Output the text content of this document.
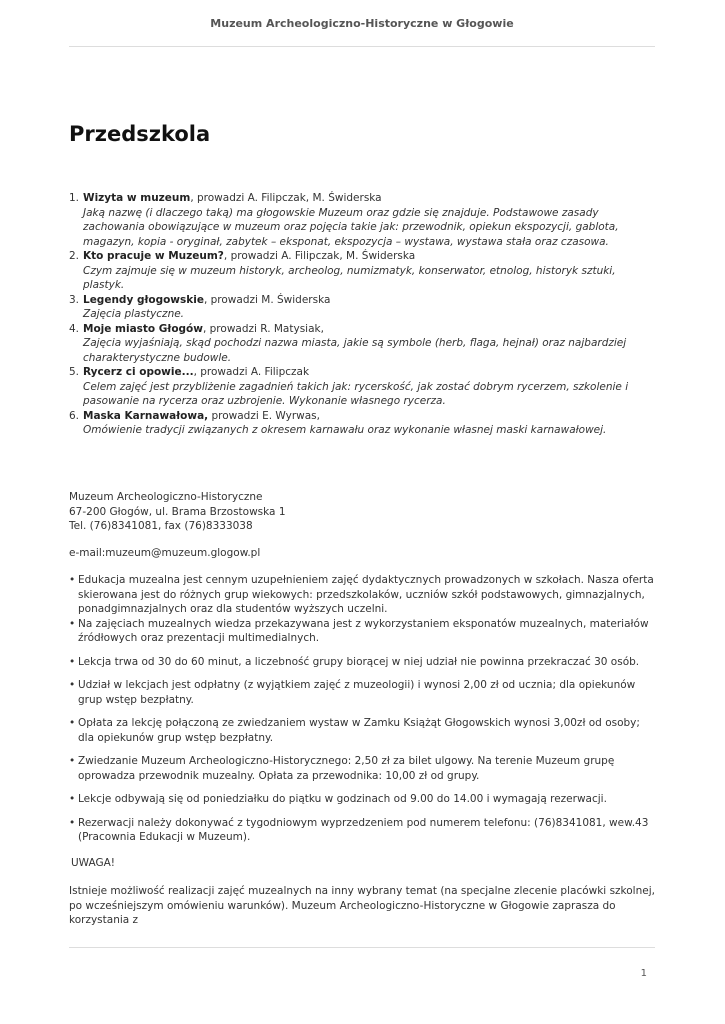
Muzeum Archeologiczno-Historyczne w Głogowie
Przedszkola
1. Wizyta w muzeum, prowadzi A. Filipczak, M. Świderska
Jaką nazwę (i dlaczego taką) ma głogowskie Muzeum oraz gdzie się znajduje. Podstawowe zasady zachowania obowiązujące w muzeum oraz pojęcia takie jak: przewodnik, opiekun ekspozycji, gablota, magazyn, kopia - oryginał, zabytek – eksponat, ekspozycja – wystawa, wystawa stała oraz czasowa.
2. Kto pracuje w Muzeum?, prowadzi A. Filipczak, M. Świderska
Czym zajmuje się w muzeum historyk, archeolog, numizmatyk, konserwator, etnolog, historyk sztuki, plastyk.
3. Legendy głogowskie, prowadzi M. Świderska
Zajęcia plastyczne.
4. Moje miasto Głogów, prowadzi R. Matysiak,
Zajęcia wyjaśniają, skąd pochodzi nazwa miasta, jakie są symbole (herb, flaga, hejnał) oraz najbardziej charakterystyczne budowle.
5. Rycerz ci opowie..., prowadzi A. Filipczak
Celem zajęć jest przybliżenie zagadnień takich jak: rycerskość, jak zostać dobrym rycerzem, szkolenie i pasowanie na rycerza oraz uzbrojenie. Wykonanie własnego rycerza.
6. Maska Karnawałowa, prowadzi E. Wyrwas,
Omówienie tradycji związanych z okresem karnawału oraz wykonanie własnej maski karnawałowej.
Muzeum Archeologiczno-Historyczne
67-200 Głogów, ul. Brama Brzostowska 1
Tel. (76)8341081, fax (76)8333038
e-mail:muzeum@muzeum.glogow.pl
• Edukacja muzealna jest cennym uzupełnieniem zajęć dydaktycznych prowadzonych w szkołach. Nasza oferta skierowana jest do różnych grup wiekowych: przedszkolaków, uczniów szkół podstawowych, gimnazjalnych, ponadgimnazjalnych oraz dla studentów wyższych uczelni.
• Na zajęciach muzealnych wiedza przekazywana jest z wykorzystaniem eksponatów muzealnych, materiałów źródłowych oraz prezentacji multimedialnych.
• Lekcja trwa od 30 do 60 minut, a liczebność grupy biorącej w niej udział nie powinna przekraczać 30 osób.
• Udział w lekcjach jest odpłatny (z wyjątkiem zajęć z muzeologii) i wynosi 2,00 zł od ucznia; dla opiekunów grup wstęp bezpłatny.
• Opłata za lekcję połączoną ze zwiedzaniem wystaw w Zamku Książąt Głogowskich wynosi 3,00zł od osoby; dla opiekunów grup wstęp bezpłatny.
• Zwiedzanie Muzeum Archeologiczno-Historycznego: 2,50 zł za bilet ulgowy. Na terenie Muzeum grupę oprowadza przewodnik muzealny. Opłata za przewodnika: 10,00 zł od grupy.
• Lekcje odbywają się od poniedziałku do piątku w godzinach od 9.00 do 14.00 i wymagają rezerwacji.
• Rezerwacji należy dokonywać z tygodniowym wyprzedzeniem pod numerem telefonu: (76)8341081, wew.43 (Pracownia Edukacji w Muzeum).
UWAGA!
Istnieje możliwość realizacji zajęć muzealnych na inny wybrany temat (na specjalne zlecenie placówki szkolnej, po wcześniejszym omówieniu warunków). Muzeum Archeologiczno-Historyczne w Głogowie zaprasza do korzystania z
1
